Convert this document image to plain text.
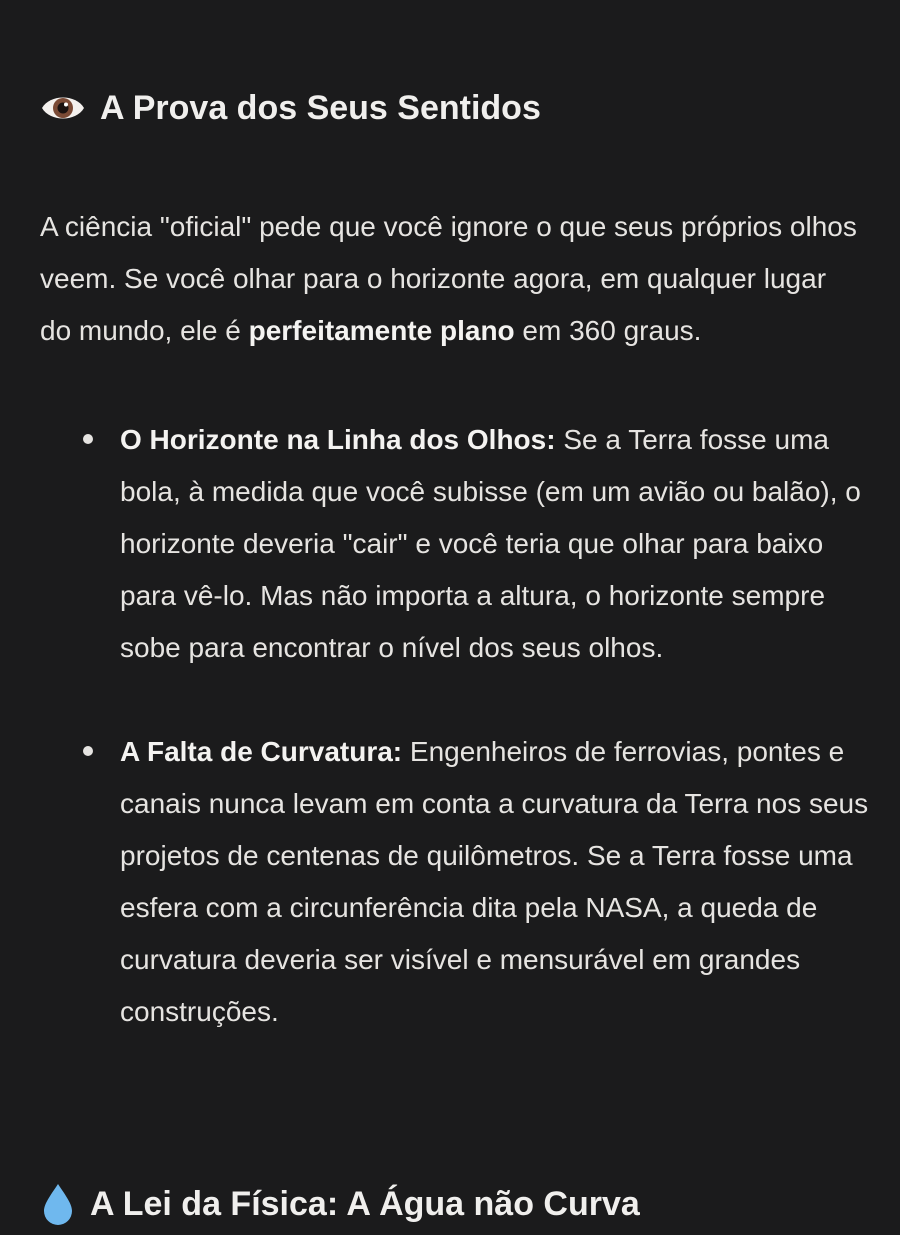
A Prova dos Seus Sentidos

A ciência "oficial" pede que você ignore o que seus próprios olhos veem. Se você olhar para o horizonte agora, em qualquer lugar do mundo, ele é perfeitamente plano em 360 graus.

O Horizonte na Linha dos Olhos: Se a Terra fosse uma bola, à medida que você subisse (em um avião ou balão), o horizonte deveria "cair" e você teria que olhar para baixo para vê-lo. Mas não importa a altura, o horizonte sempre sobe para encontrar o nível dos seus olhos.
A Falta de Curvatura: Engenheiros de ferrovias, pontes e canais nunca levam em conta a curvatura da Terra nos seus projetos de centenas de quilômetros. Se a Terra fosse uma esfera com a circunferência dita pela NASA, a queda de curvatura deveria ser visível e mensurável em grandes construções.
A Lei da Física: A Água não Curva
